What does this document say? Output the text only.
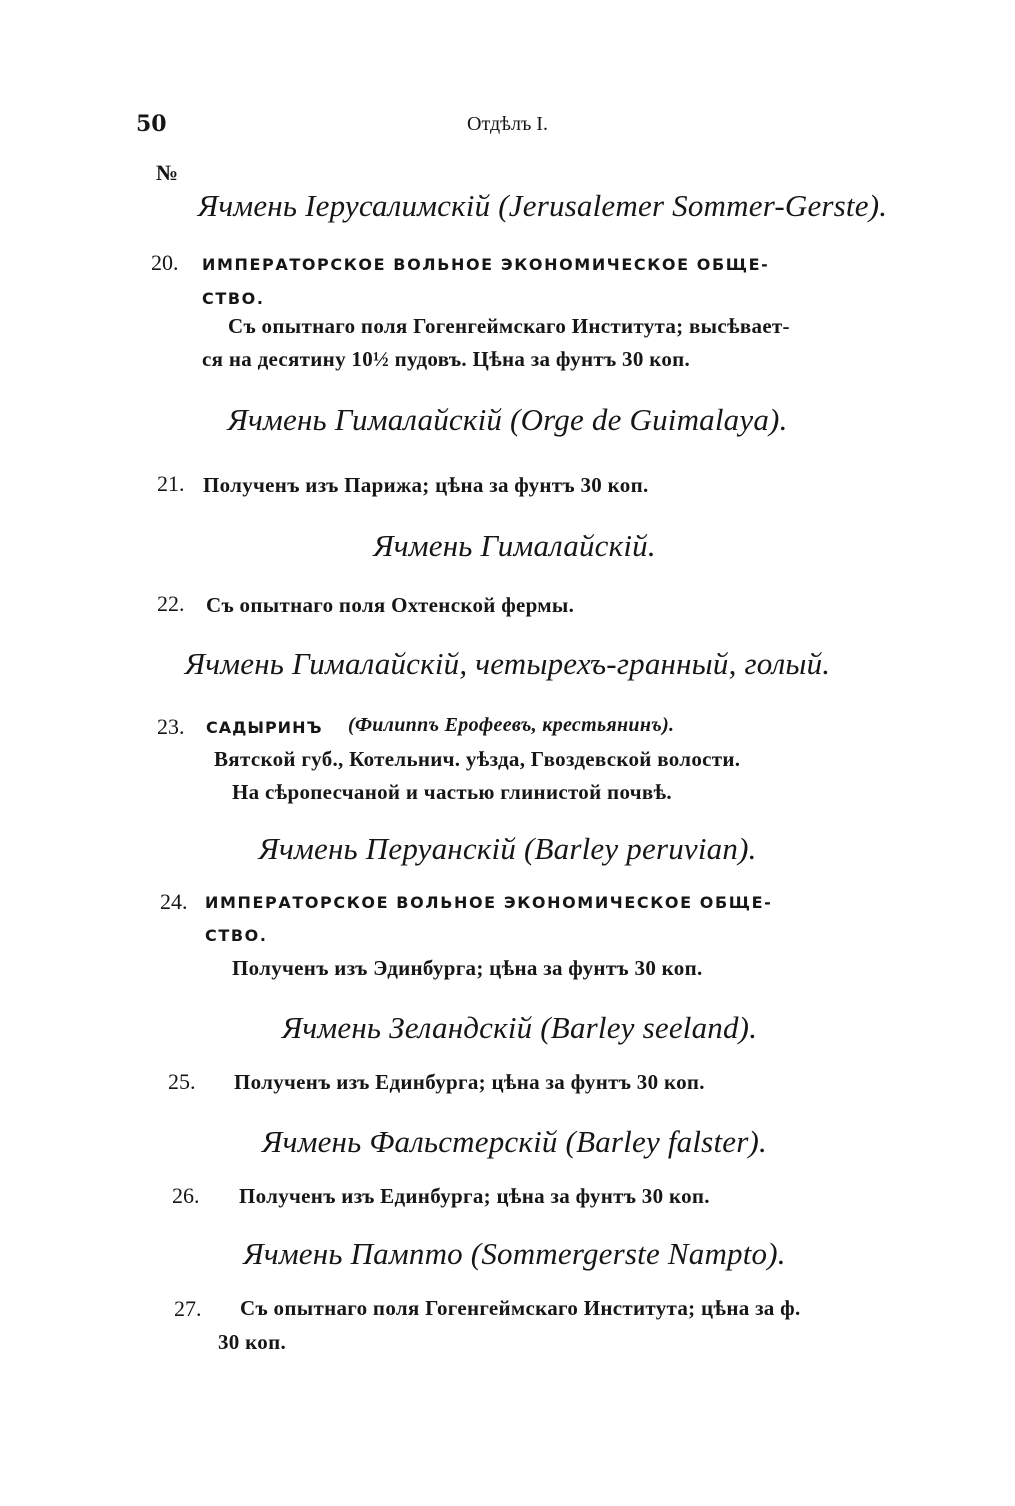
50	Отдѣлъ I.
№
Ячмень Iерусалимскiй (Jerusalemer Sommer-Gerste).
20. ИМПЕРАТОРСКОЕ ВОЛЬНОЕ ЭКОНОМИЧЕСКОЕ ОБЩЕ-
СТВО.
Съ опытнаго поля Гогенгеймскаго Института; высѣвает-
ся на десятину 10½ пудовъ. Цѣна за фунтъ 30 коп.
Ячмень Гималайскiй (Orge de Guimalaya).
21. Полученъ изъ Парижа; цѣна за фунтъ 30 коп.
Ячмень Гималайскiй.
22. Съ опытнаго поля Охтенской фермы.
Ячмень Гималайскiй, четырехъ-гранный, голый.
23. САДЫРИНЪ (Филиппъ Ерофеевъ, крестьянинъ).
Вятской губ., Котельнич. уѣзда, Гвоздевской волости.
На сѣропесчаной и частью глинистой почвѣ.
Ячмень Перуанскiй (Barley peruvian).
24. ИМПЕРАТОРСКОЕ ВОЛЬНОЕ ЭКОНОМИЧЕСКОЕ ОБЩЕ-
СТВО.
Полученъ изъ Эдинбурга; цѣна за фунтъ 30 коп.
Ячмень Зеландскiй (Barley seeland).
25. Полученъ изъ Единбурга; цѣна за фунтъ 30 коп.
Ячмень Фальстерскiй (Barley falster).
26. Полученъ изъ Единбурга; цѣна за фунтъ 30 коп.
Ячмень Пампто (Sommergerste Nampto).
27. Съ опытнаго поля Гогенгеймскаго Института; цѣна за ф.
30 коп.
